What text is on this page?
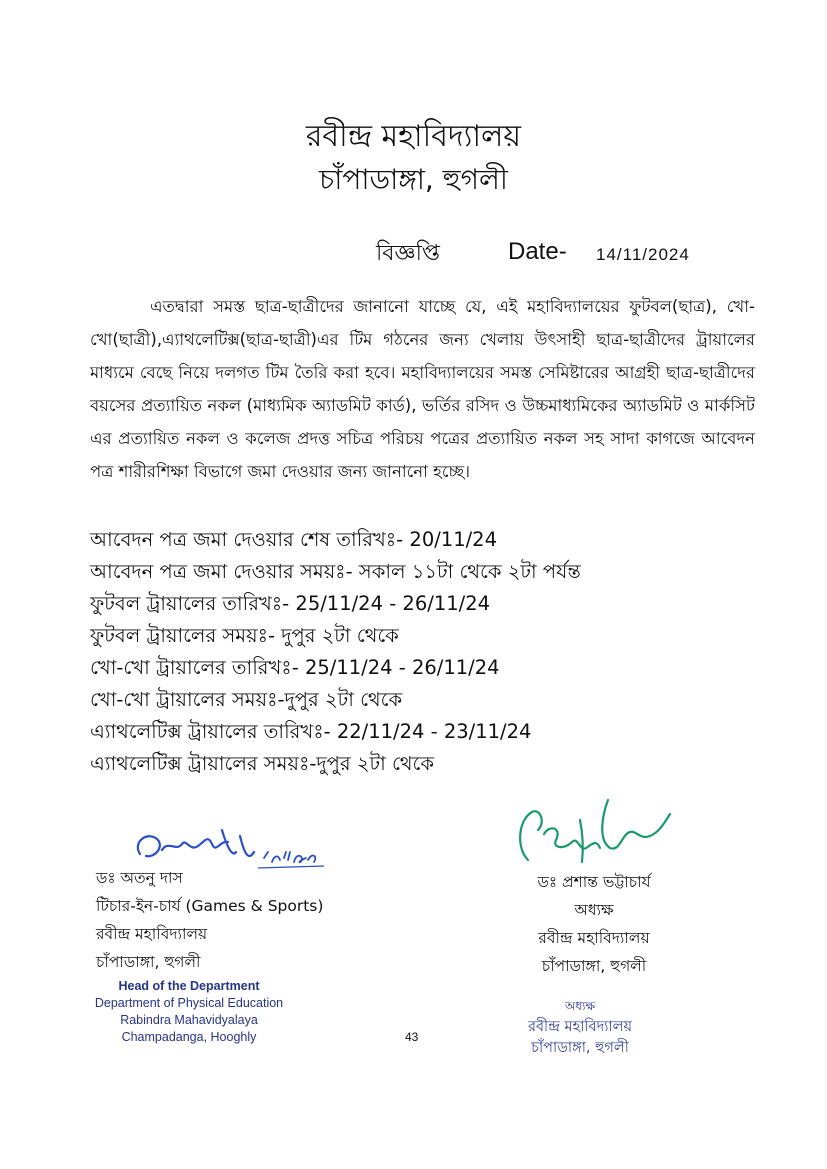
রবীন্দ্র মহাবিদ্যালয়
চাঁপাডাঙ্গা, হুগলী
বিজ্ঞপ্তি	Date- 14/11/2024
এতদ্বারা সমস্ত ছাত্র-ছাত্রীদের জানানো যাচ্ছে যে, এই মহাবিদ্যালয়ের ফুটবল(ছাত্র), খো-খো(ছাত্রী),এ্যাথলেটিক্স(ছাত্র-ছাত্রী)এর টিম গঠনের জন্য খেলায় উৎসাহী ছাত্র-ছাত্রীদের ট্রায়ালের মাধ্যমে বেছে নিয়ে দলগত টিম তৈরি করা হবে। মহাবিদ্যালয়ের সমস্ত সেমিষ্টারের আগ্রহী ছাত্র-ছাত্রীদের বয়সের প্রত্যায়িত নকল (মাধ্যমিক অ্যাডমিট কার্ড), ভর্তির রসিদ ও উচ্চমাধ্যমিকের অ্যাডমিট ও মার্কসিট এর প্রত্যায়িত নকল ও কলেজ প্রদত্ত সচিত্র পরিচয় পত্রের প্রত্যায়িত নকল সহ সাদা কাগজে আবেদন পত্র শারীরশিক্ষা বিভাগে জমা দেওয়ার জন্য জানানো হচ্ছে।
আবেদন পত্র জমা দেওয়ার শেষ তারিখঃ- 20/11/24
আবেদন পত্র জমা দেওয়ার সময়ঃ- সকাল ১১টা থেকে ২টা পর্যন্ত
ফুটবল ট্রায়ালের তারিখঃ- 25/11/24 - 26/11/24
ফুটবল ট্রায়ালের সময়ঃ- দুপুর ২টা থেকে
খো-খো ট্রায়ালের তারিখঃ- 25/11/24 - 26/11/24
খো-খো ট্রায়ালের সময়ঃ-দুপুর ২টা থেকে
এ্যাথলেটিক্স ট্রায়ালের তারিখঃ- 22/11/24 - 23/11/24
এ্যাথলেটিক্স ট্রায়ালের সময়ঃ-দুপুর ২টা থেকে
ডঃ অতনু দাস
টিচার-ইন-চার্য (Games & Sports)
রবীন্দ্র মহাবিদ্যালয়
চাঁপাডাঙ্গা, হুগলী
Head of the Department
Department of Physical Education
Rabindra Mahavidyalaya
Champadanga, Hooghly
ডঃ প্রশান্ত ভট্টাচার্য
অধ্যক্ষ
রবীন্দ্র মহাবিদ্যালয়
চাঁপাডাঙ্গা, হুগলী
অধ্যক্ষ
রবীন্দ্র মহাবিদ্যালয়
চাঁপাডাঙ্গা, হুগলী
43
